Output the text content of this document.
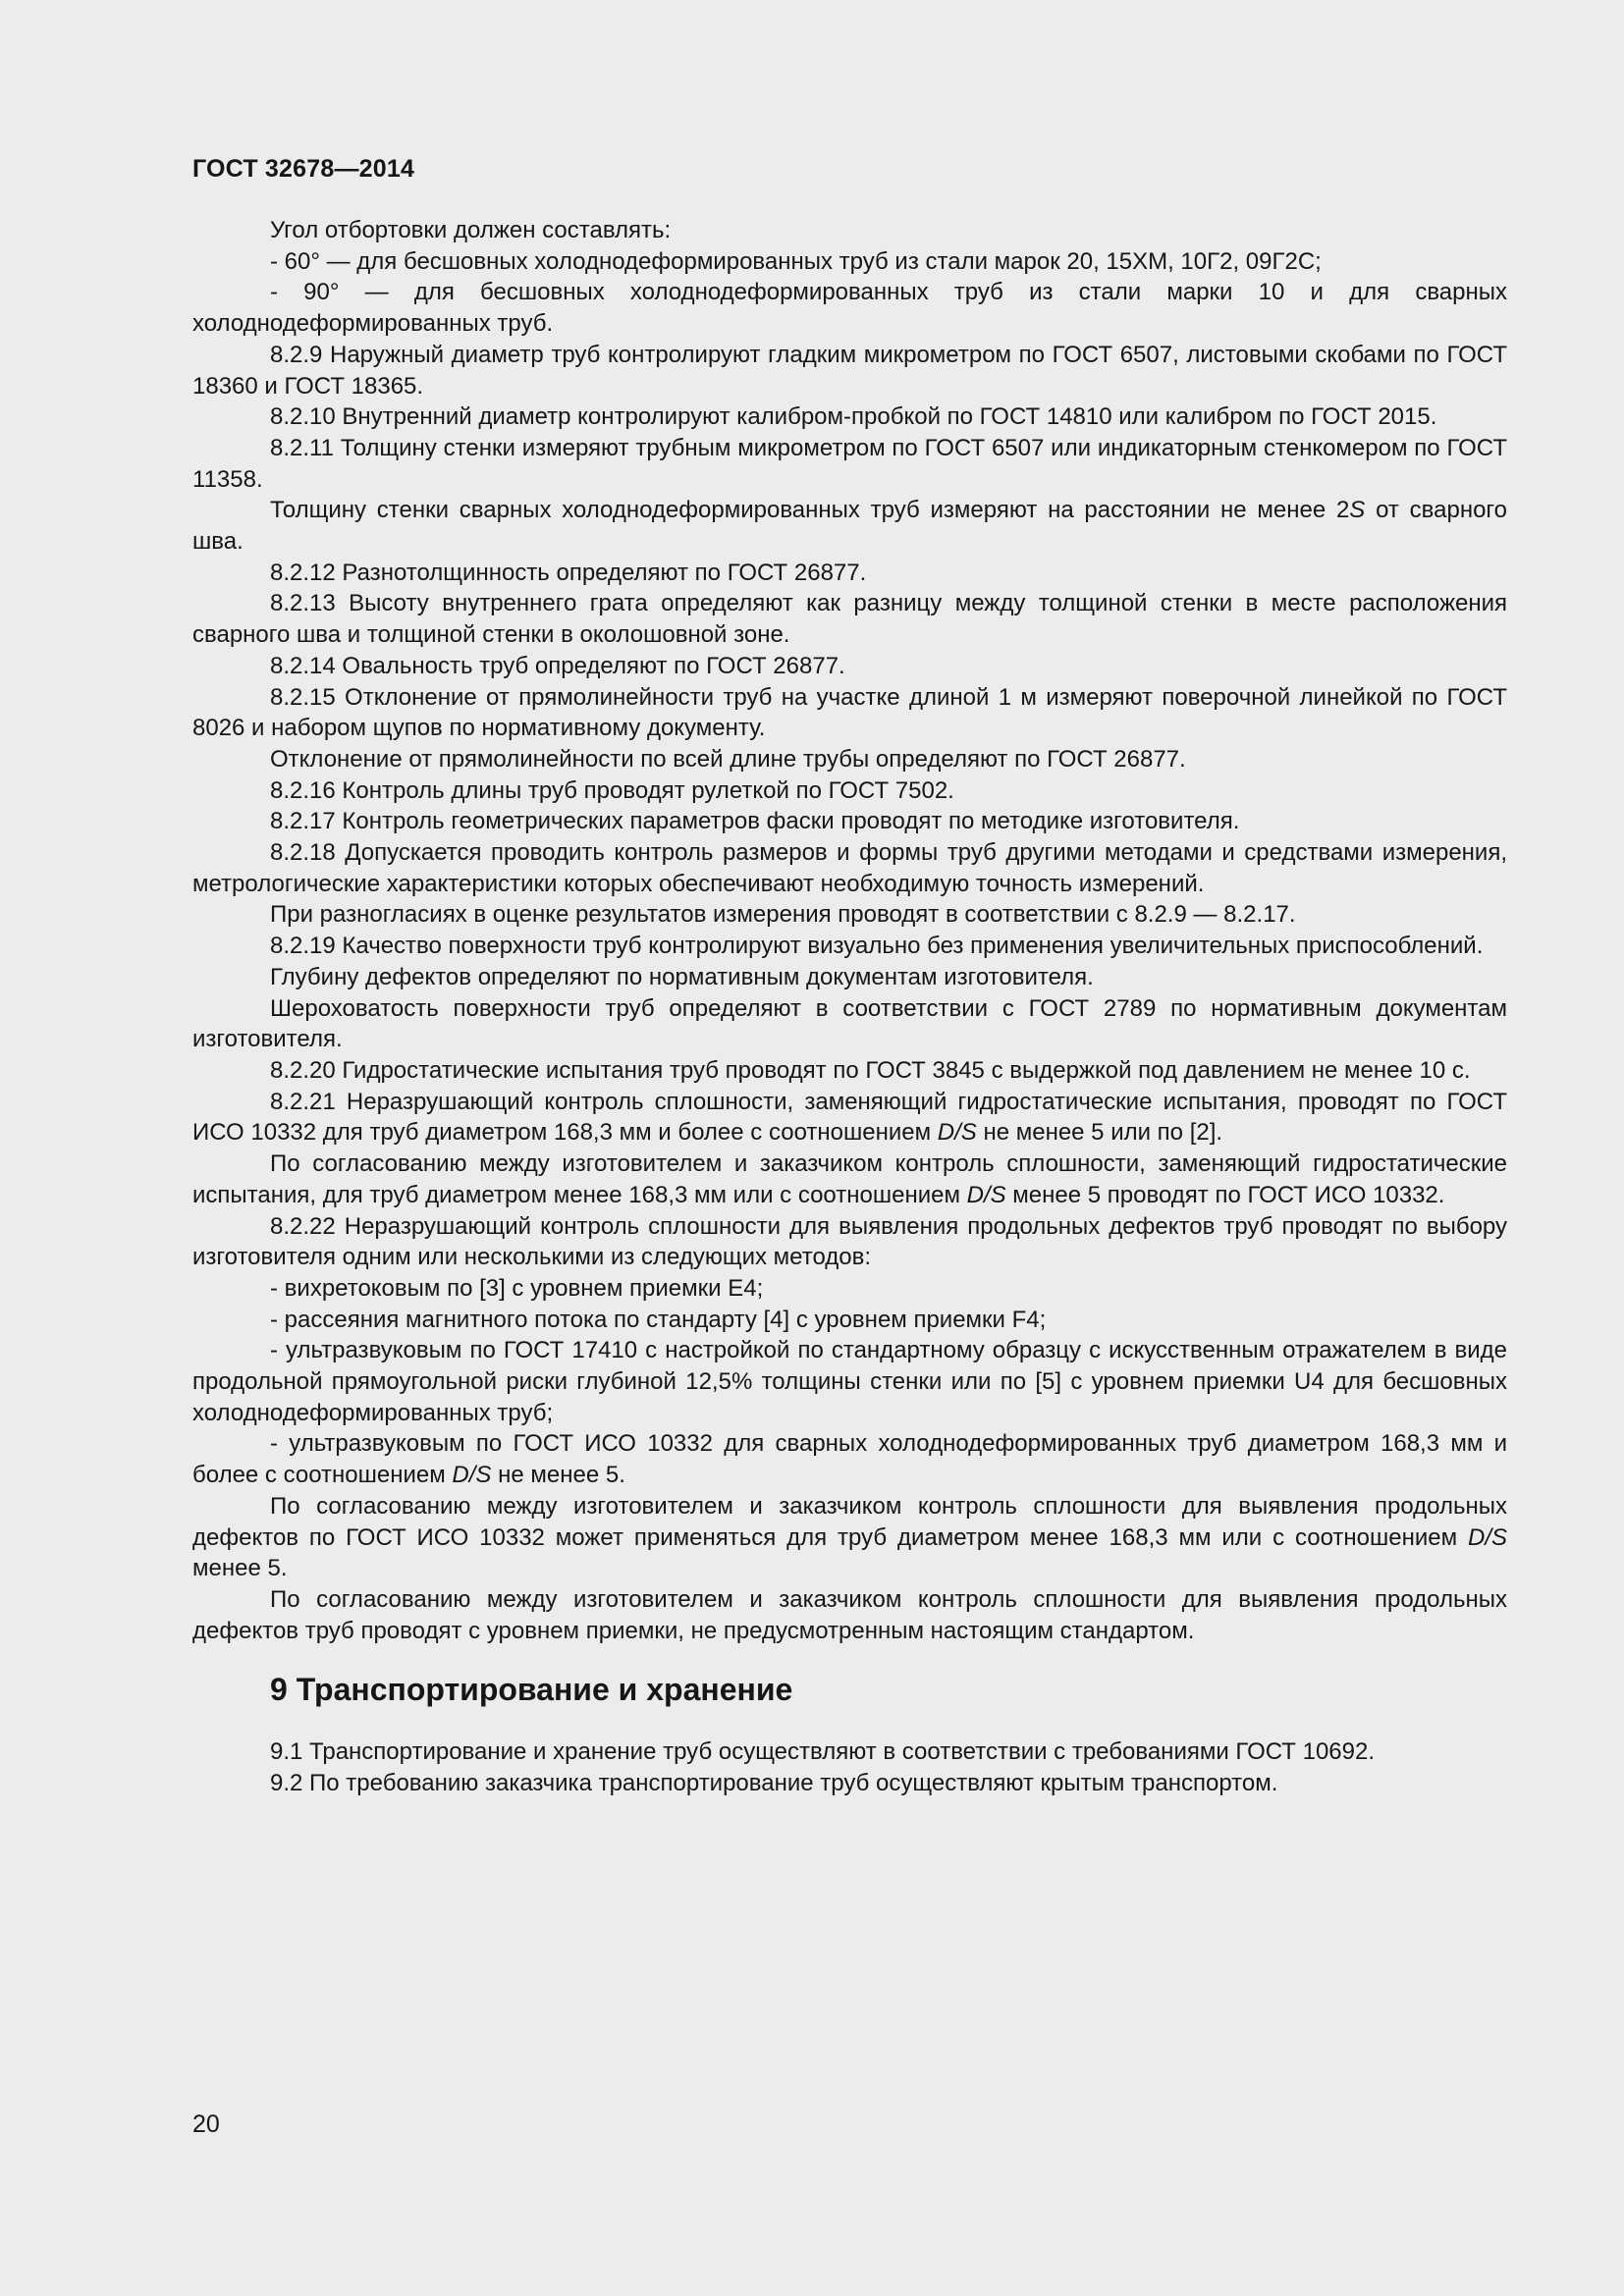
ГОСТ 32678—2014

Угол отбортовки должен составлять:

- 60° — для бесшовных холоднодеформированных труб из стали марок 20, 15ХМ, 10Г2, 09Г2С;

- 90° — для бесшовных холоднодеформированных труб из стали марки 10 и для сварных холоднодеформированных труб.

8.2.9 Наружный диаметр труб контролируют гладким микрометром по ГОСТ 6507, листовыми скобами по ГОСТ 18360 и ГОСТ 18365.

8.2.10 Внутренний диаметр контролируют калибром-пробкой по ГОСТ 14810 или калибром по ГОСТ 2015.

8.2.11 Толщину стенки измеряют трубным микрометром по ГОСТ 6507 или индикаторным стенкомером по ГОСТ 11358.

Толщину стенки сварных холоднодеформированных труб измеряют на расстоянии не менее 2S от сварного шва.

8.2.12 Разнотолщинность определяют по ГОСТ 26877.

8.2.13 Высоту внутреннего грата определяют как разницу между толщиной стенки в месте расположения сварного шва и толщиной стенки в околошовной зоне.

8.2.14 Овальность труб определяют по ГОСТ 26877.

8.2.15 Отклонение от прямолинейности труб на участке длиной 1 м измеряют поверочной линейкой по ГОСТ 8026 и набором щупов по нормативному документу.

Отклонение от прямолинейности по всей длине трубы определяют по ГОСТ 26877.

8.2.16 Контроль длины труб проводят рулеткой по ГОСТ 7502.

8.2.17 Контроль геометрических параметров фаски проводят по методике изготовителя.

8.2.18 Допускается проводить контроль размеров и формы труб другими методами и средствами измерения, метрологические характеристики которых обеспечивают необходимую точность измерений.

При разногласиях в оценке результатов измерения проводят в соответствии с 8.2.9 — 8.2.17.

8.2.19 Качество поверхности труб контролируют визуально без применения увеличительных приспособлений.

Глубину дефектов определяют по нормативным документам изготовителя.

Шероховатость поверхности труб определяют в соответствии с ГОСТ 2789 по нормативным документам изготовителя.

8.2.20 Гидростатические испытания труб проводят по ГОСТ 3845 с выдержкой под давлением не менее 10 с.

8.2.21 Неразрушающий контроль сплошности, заменяющий гидростатические испытания, проводят по ГОСТ ИСО 10332 для труб диаметром 168,3 мм и более с соотношением D/S не менее 5 или по [2].

По согласованию между изготовителем и заказчиком контроль сплошности, заменяющий гидростатические испытания, для труб диаметром менее 168,3 мм или с соотношением D/S менее 5 проводят по ГОСТ ИСО 10332.

8.2.22 Неразрушающий контроль сплошности для выявления продольных дефектов труб проводят по выбору изготовителя одним или несколькими из следующих методов:

- вихретоковым по [3] с уровнем приемки Е4;

- рассеяния магнитного потока по стандарту [4] с уровнем приемки F4;

- ультразвуковым по ГОСТ 17410 с настройкой по стандартному образцу с искусственным отражателем в виде продольной прямоугольной риски глубиной 12,5% толщины стенки или по [5] с уровнем приемки U4 для бесшовных холоднодеформированных труб;

- ультразвуковым по ГОСТ ИСО 10332 для сварных холоднодеформированных труб диаметром 168,3 мм и более с соотношением D/S не менее 5.

По согласованию между изготовителем и заказчиком контроль сплошности для выявления продольных дефектов по ГОСТ ИСО 10332 может применяться для труб диаметром менее 168,3 мм или с соотношением D/S менее 5.

По согласованию между изготовителем и заказчиком контроль сплошности для выявления продольных дефектов труб проводят с уровнем приемки, не предусмотренным настоящим стандартом.

9 Транспортирование и хранение

9.1 Транспортирование и хранение труб осуществляют в соответствии с требованиями ГОСТ 10692.

9.2 По требованию заказчика транспортирование труб осуществляют крытым транспортом.

20
